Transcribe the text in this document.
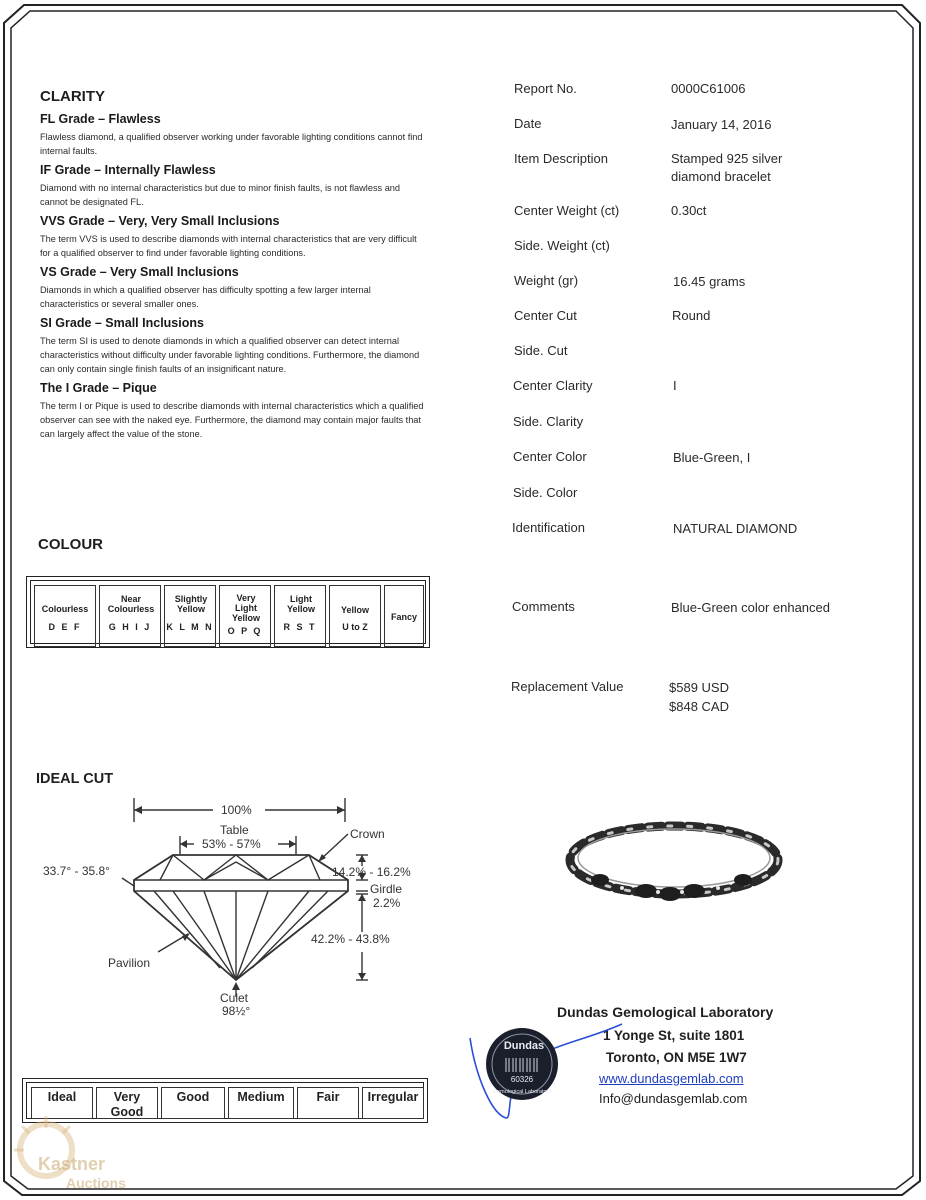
CLARITY

FL Grade – Flawless

Flawless diamond, a qualified observer working under favorable lighting conditions cannot find internal faults.

IF Grade – Internally Flawless

Diamond with no internal characteristics but due to minor finish faults, is not flawless and cannot be designated FL.

VVS Grade – Very, Very Small Inclusions

The term VVS is used to describe diamonds with internal characteristics that are very difficult for a qualified observer to find under favorable lighting conditions.

VS Grade – Very Small Inclusions

Diamonds in which a qualified observer has difficulty spotting a few larger internal characteristics or several smaller ones.

SI Grade – Small Inclusions

The term SI is used to denote diamonds in which a qualified observer can detect internal characteristics without difficulty under favorable lighting conditions. Furthermore, the diamond can only contain single finish faults of an insignificant nature.

The I Grade – Pique

The term I or Pique is used to describe diamonds with internal characteristics which a qualified observer can see with the naked eye. Furthermore, the diamond may contain major faults that can largely affect the value of the stone.

COLOUR
Colourless
D E F
Near Colourless
G H I J
Slightly Yellow
K L M N
Very Light Yellow
O P Q
Light Yellow
R S T
Yellow
U to Z
Fancy
IDEAL CUT
100%
Table
53% - 57%
Crown
33.7° - 35.8°	14.2% - 16.2%
Girdle
2.2%
42.2% - 43.8%
Pavilion
Culet
98½°
Ideal	Very Good
Good	Medium	Fair	Irregular
Report No.	0000C61006
Date	January 14, 2016
Item Description	Stamped 925 silver
diamond bracelet
Center Weight (ct)	0.30ct
Side. Weight (ct)
Weight (gr)	16.45 grams
Center Cut	Round
Side. Cut
Center Clarity	I
Side. Clarity
Center Color	Blue-Green, I
Side. Color
Identification	NATURAL DIAMOND
Comments	Blue-Green color enhanced
Replacement Value	$589 USD
$848 CAD
Dundas Gemological Laboratory
1 Yonge St, suite 1801
Toronto, ON M5E 1W7
www.dundasgemlab.com
Info@dundasgemlab.com
Dundas
60326
Gemological Laboratory
Kastner
Auctions
